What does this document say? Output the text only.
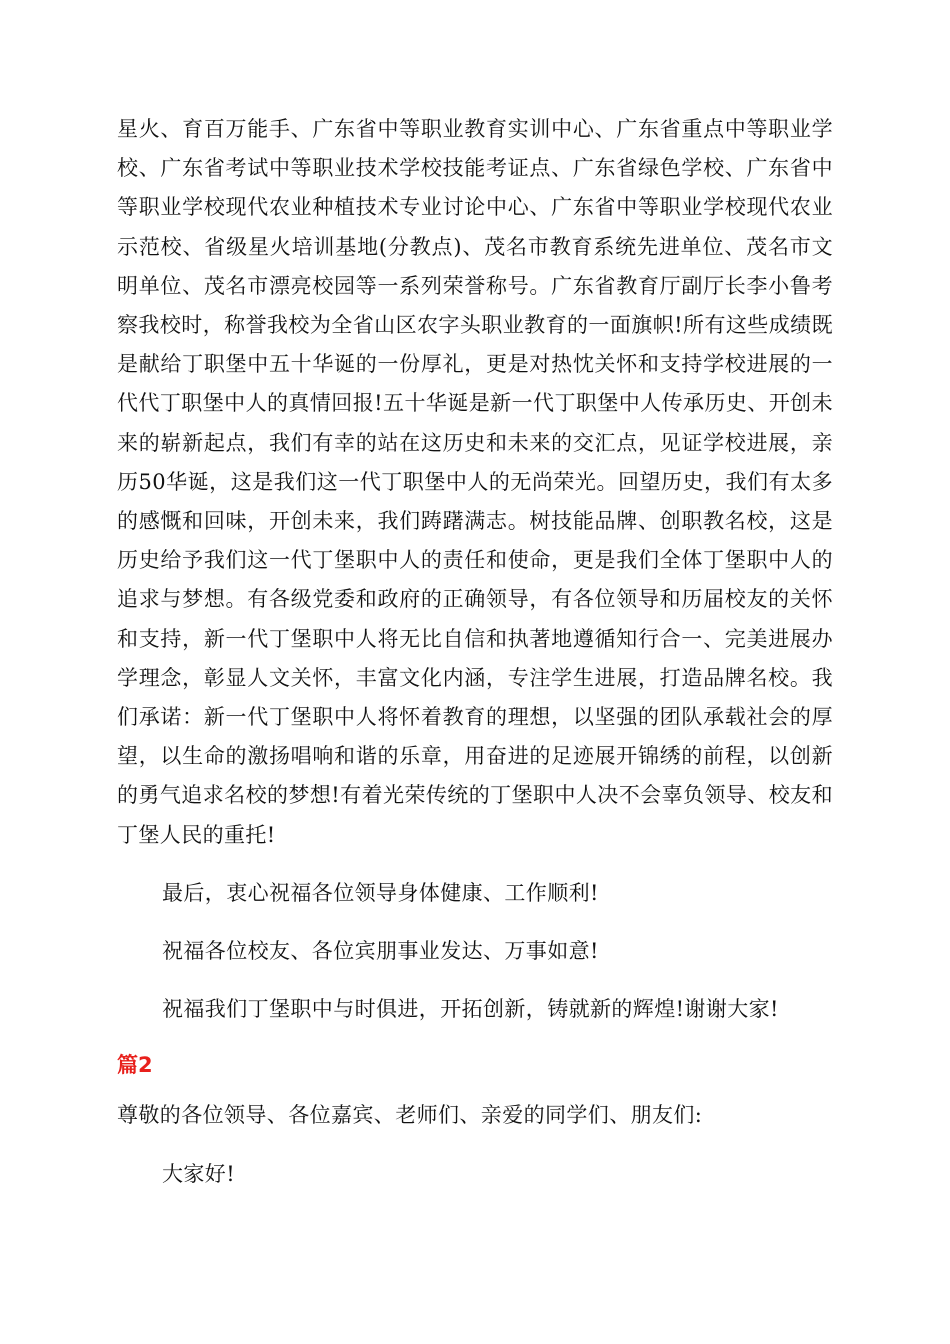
星火、育百万能手、广东省中等职业教育实训中心、广东省重点中等职业学校、广东省考试中等职业技术学校技能考证点、广东省绿色学校、广东省中等职业学校现代农业种植技术专业讨论中心、广东省中等职业学校现代农业示范校、省级星火培训基地(分教点)、茂名市教育系统先进单位、茂名市文明单位、茂名市漂亮校园等一系列荣誉称号。广东省教育厅副厅长李小鲁考察我校时，称誉我校为全省山区农字头职业教育的一面旗帜!所有这些成绩既是献给丁职堡中五十华诞的一份厚礼，更是对热忱关怀和支持学校进展的一代代丁职堡中人的真情回报!五十华诞是新一代丁职堡中人传承历史、开创未来的崭新起点，我们有幸的站在这历史和未来的交汇点，见证学校进展，亲历50华诞，这是我们这一代丁职堡中人的无尚荣光。回望历史，我们有太多的感慨和回味，开创未来，我们踌躇满志。树技能品牌、创职教名校，这是历史给予我们这一代丁堡职中人的责任和使命，更是我们全体丁堡职中人的追求与梦想。有各级党委和政府的正确领导，有各位领导和历届校友的关怀和支持，新一代丁堡职中人将无比自信和执著地遵循知行合一、完美进展办学理念，彰显人文关怀，丰富文化内涵，专注学生进展，打造品牌名校。我们承诺：新一代丁堡职中人将怀着教育的理想，以坚强的团队承载社会的厚望，以生命的激扬唱响和谐的乐章，用奋进的足迹展开锦绣的前程，以创新的勇气追求名校的梦想!有着光荣传统的丁堡职中人决不会辜负领导、校友和丁堡人民的重托!

最后，衷心祝福各位领导身体健康、工作顺利!

祝福各位校友、各位宾朋事业发达、万事如意!

祝福我们丁堡职中与时俱进，开拓创新，铸就新的辉煌!谢谢大家!

篇2

尊敬的各位领导、各位嘉宾、老师们、亲爱的同学们、朋友们:

大家好!
